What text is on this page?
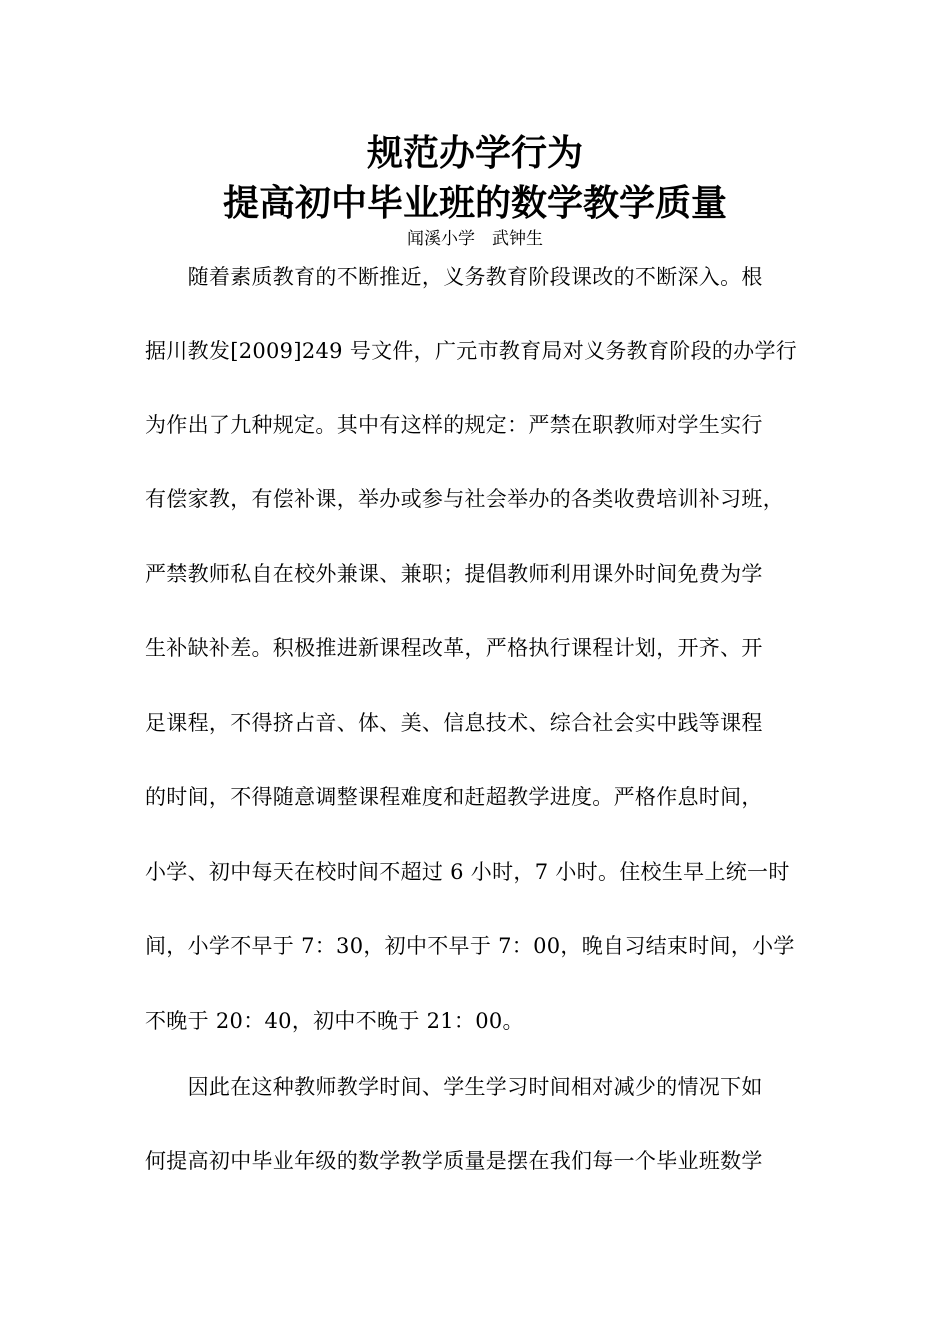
规范办学行为
提高初中毕业班的数学教学质量
闻溪小学　武钟生
　　随着素质教育的不断推近，义务教育阶段课改的不断深入。根
据川教发[2009]249 号文件，广元市教育局对义务教育阶段的办学行
为作出了九种规定。其中有这样的规定：严禁在职教师对学生实行
有偿家教，有偿补课，举办或参与社会举办的各类收费培训补习班，
严禁教师私自在校外兼课、兼职；提倡教师利用课外时间免费为学
生补缺补差。积极推进新课程改革，严格执行课程计划，开齐、开
足课程，不得挤占音、体、美、信息技术、综合社会实中践等课程
的时间，不得随意调整课程难度和赶超教学进度。严格作息时间，
小学、初中每天在校时间不超过 6 小时，7 小时。住校生早上统一时
间，小学不早于 7：30，初中不早于 7：00，晚自习结束时间，小学
不晚于 20：40，初中不晚于 21：00。
　　因此在这种教师教学时间、学生学习时间相对减少的情况下如
何提高初中毕业年级的数学教学质量是摆在我们每一个毕业班数学
